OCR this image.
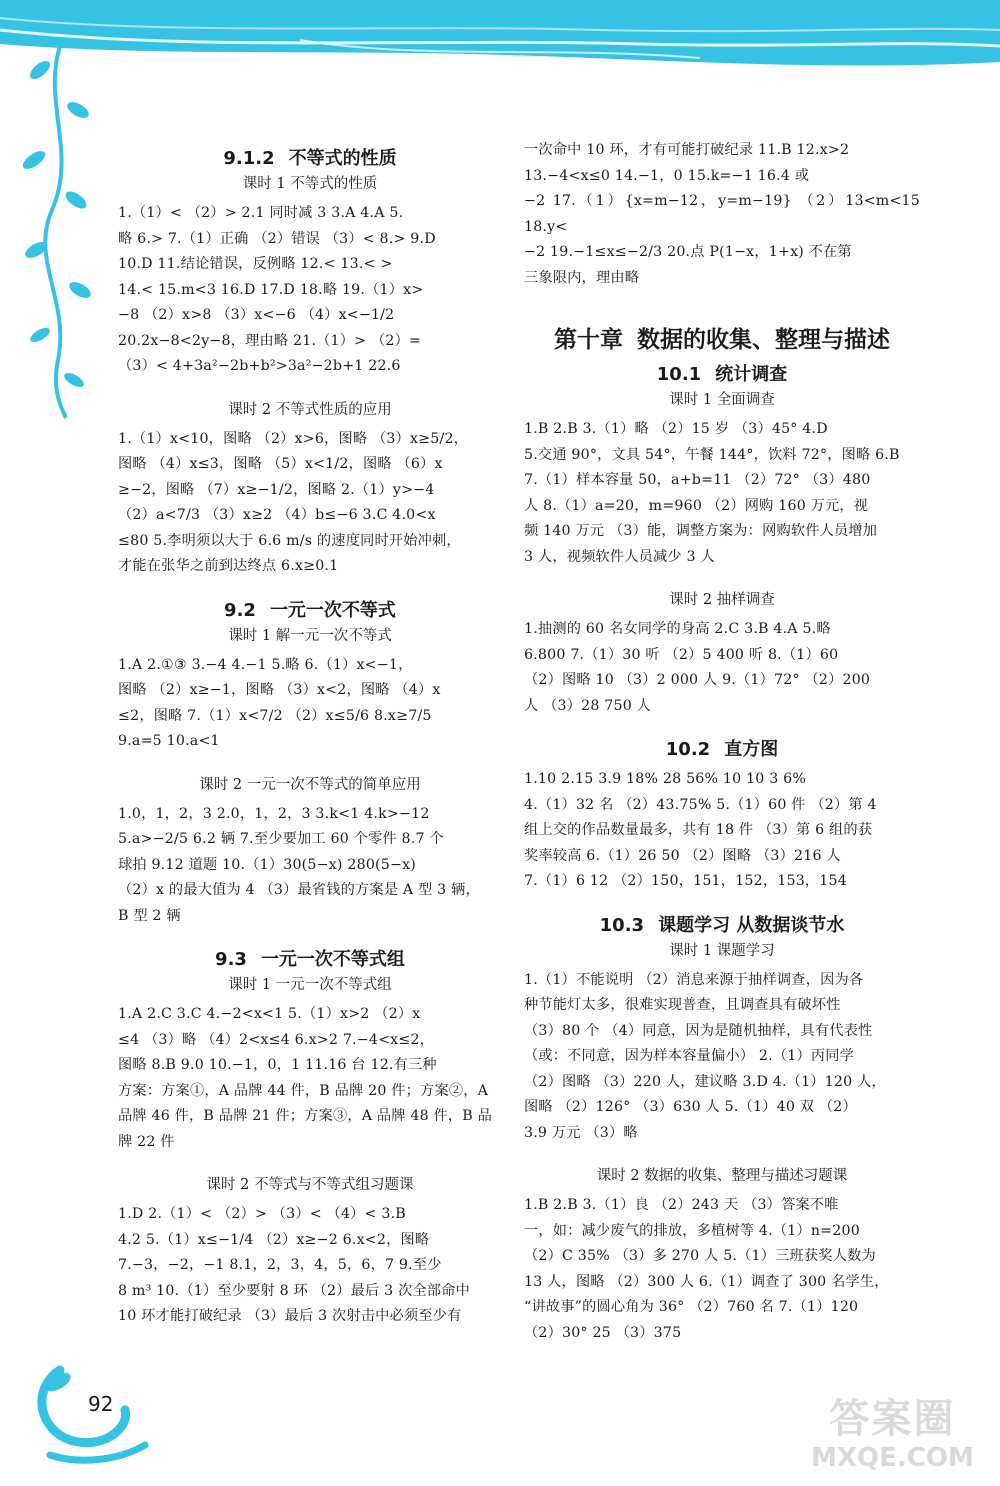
92	答案圈
MXQE.COM
9.1.2 不等式的性质
课时 1 不等式的性质

1.（1）< （2）> 2.1 同时减 3 3.A 4.A 5.

略 6.> 7.（1）正确 （2）错误 （3）< 8.> 9.D

10.D 11.结论错误，反例略 12.< 13.< >

14.< 15.m<3 16.D 17.D 18.略 19.（1）x>

−8 （2）x>8 （3）x<−6 （4）x<−1/2

20.2x−8<2y−8，理由略 21.（1）> （2）=

（3）< 4+3a²−2b+b²>3a²−2b+1 22.6

课时 2 不等式性质的应用

1.（1）x<10，图略 （2）x>6，图略 （3）x≥5/2，

图略 （4）x≤3，图略 （5）x<1/2，图略 （6）x

≥−2，图略 （7）x≥−1/2，图略 2.（1）y>−4

（2）a<7/3 （3）x≥2 （4）b≤−6 3.C 4.0<x

≤80 5.李明须以大于 6.6 m/s 的速度同时开始冲刺，

才能在张华之前到达终点 6.x≥0.1

9.2 一元一次不等式
课时 1 解一元一次不等式

1.A 2.①③ 3.−4 4.−1 5.略 6.（1）x<−1，

图略 （2）x≥−1，图略 （3）x<2，图略 （4）x

≤2，图略 7.（1）x<7/2 （2）x≤5/6 8.x≥7/5

9.a=5 10.a<1

课时 2 一元一次不等式的简单应用

1.0，1，2，3 2.0，1，2，3 3.k<1 4.k>−12

5.a>−2/5 6.2 辆 7.至少要加工 60 个零件 8.7 个

球拍 9.12 道题 10.（1）30(5−x) 280(5−x)

（2）x 的最大值为 4 （3）最省钱的方案是 A 型 3 辆，

B 型 2 辆

9.3 一元一次不等式组
课时 1 一元一次不等式组

1.A 2.C 3.C 4.−2<x<1 5.（1）x>2 （2）x

≤4 （3）略 （4）2<x≤4 6.x>2 7.−4<x≤2，

图略 8.B 9.0 10.−1，0，1 11.16 台 12.有三种

方案：方案①，A 品牌 44 件，B 品牌 20 件；方案②，A

品牌 46 件，B 品牌 21 件；方案③，A 品牌 48 件，B 品

牌 22 件

课时 2 不等式与不等式组习题课

1.D 2.（1）< （2）> （3）< （4）< 3.B

4.2 5.（1）x≤−1/4 （2）x≥−2 6.x<2，图略

7.−3，−2，−1 8.1，2，3，4，5，6，7 9.至少

8 m³ 10.（1）至少要射 8 环 （2）最后 3 次全部命中

10 环才能打破纪录 （3）最后 3 次射击中必须至少有

一次命中 10 环，才有可能打破纪录 11.B 12.x>2

13.−4<x≤0 14.−1，0 15.k=−1 16.4 或

−2 17.（1）{x=m−12，y=m−19} （2）13<m<15 18.y<

−2 19.−1≤x≤−2/3 20.点 P(1−x，1+x) 不在第

三象限内，理由略

第十章 数据的收集、整理与描述
10.1 统计调查
课时 1 全面调查

1.B 2.B 3.（1）略 （2）15 岁 （3）45° 4.D

5.交通 90°，文具 54°，午餐 144°，饮料 72°，图略 6.B

7.（1）样本容量 50，a+b=11 （2）72° （3）480

人 8.（1）a=20，m=960 （2）网购 160 万元，视

频 140 万元 （3）能，调整方案为：网购软件人员增加

3 人，视频软件人员减少 3 人

课时 2 抽样调查

1.抽测的 60 名女同学的身高 2.C 3.B 4.A 5.略

6.800 7.（1）30 听 （2）5 400 听 8.（1）60

（2）图略 10 （3）2 000 人 9.（1）72° （2）200

人 （3）28 750 人

10.2 直方图

1.10 2.15 3.9 18% 28 56% 10 10 3 6%

4.（1）32 名 （2）43.75% 5.（1）60 件 （2）第 4

组上交的作品数量最多，共有 18 件 （3）第 6 组的获

奖率较高 6.（1）26 50 （2）图略 （3）216 人

7.（1）6 12 （2）150，151，152，153，154

10.3 课题学习 从数据谈节水
课时 1 课题学习

1.（1）不能说明 （2）消息来源于抽样调查，因为各

种节能灯太多，很难实现普查，且调查具有破坏性

（3）80 个 （4）同意，因为是随机抽样，具有代表性

（或：不同意，因为样本容量偏小） 2.（1）丙同学

（2）图略 （3）220 人，建议略 3.D 4.（1）120 人，

图略 （2）126° （3）630 人 5.（1）40 双 （2）

3.9 万元 （3）略

课时 2 数据的收集、整理与描述习题课

1.B 2.B 3.（1）良 （2）243 天 （3）答案不唯

一，如：减少废气的排放，多植树等 4.（1）n=200

（2）C 35% （3）多 270 人 5.（1）三班获奖人数为

13 人，图略 （2）300 人 6.（1）调查了 300 名学生，

“讲故事”的圆心角为 36° （2）760 名 7.（1）120

（2）30° 25 （3）375
